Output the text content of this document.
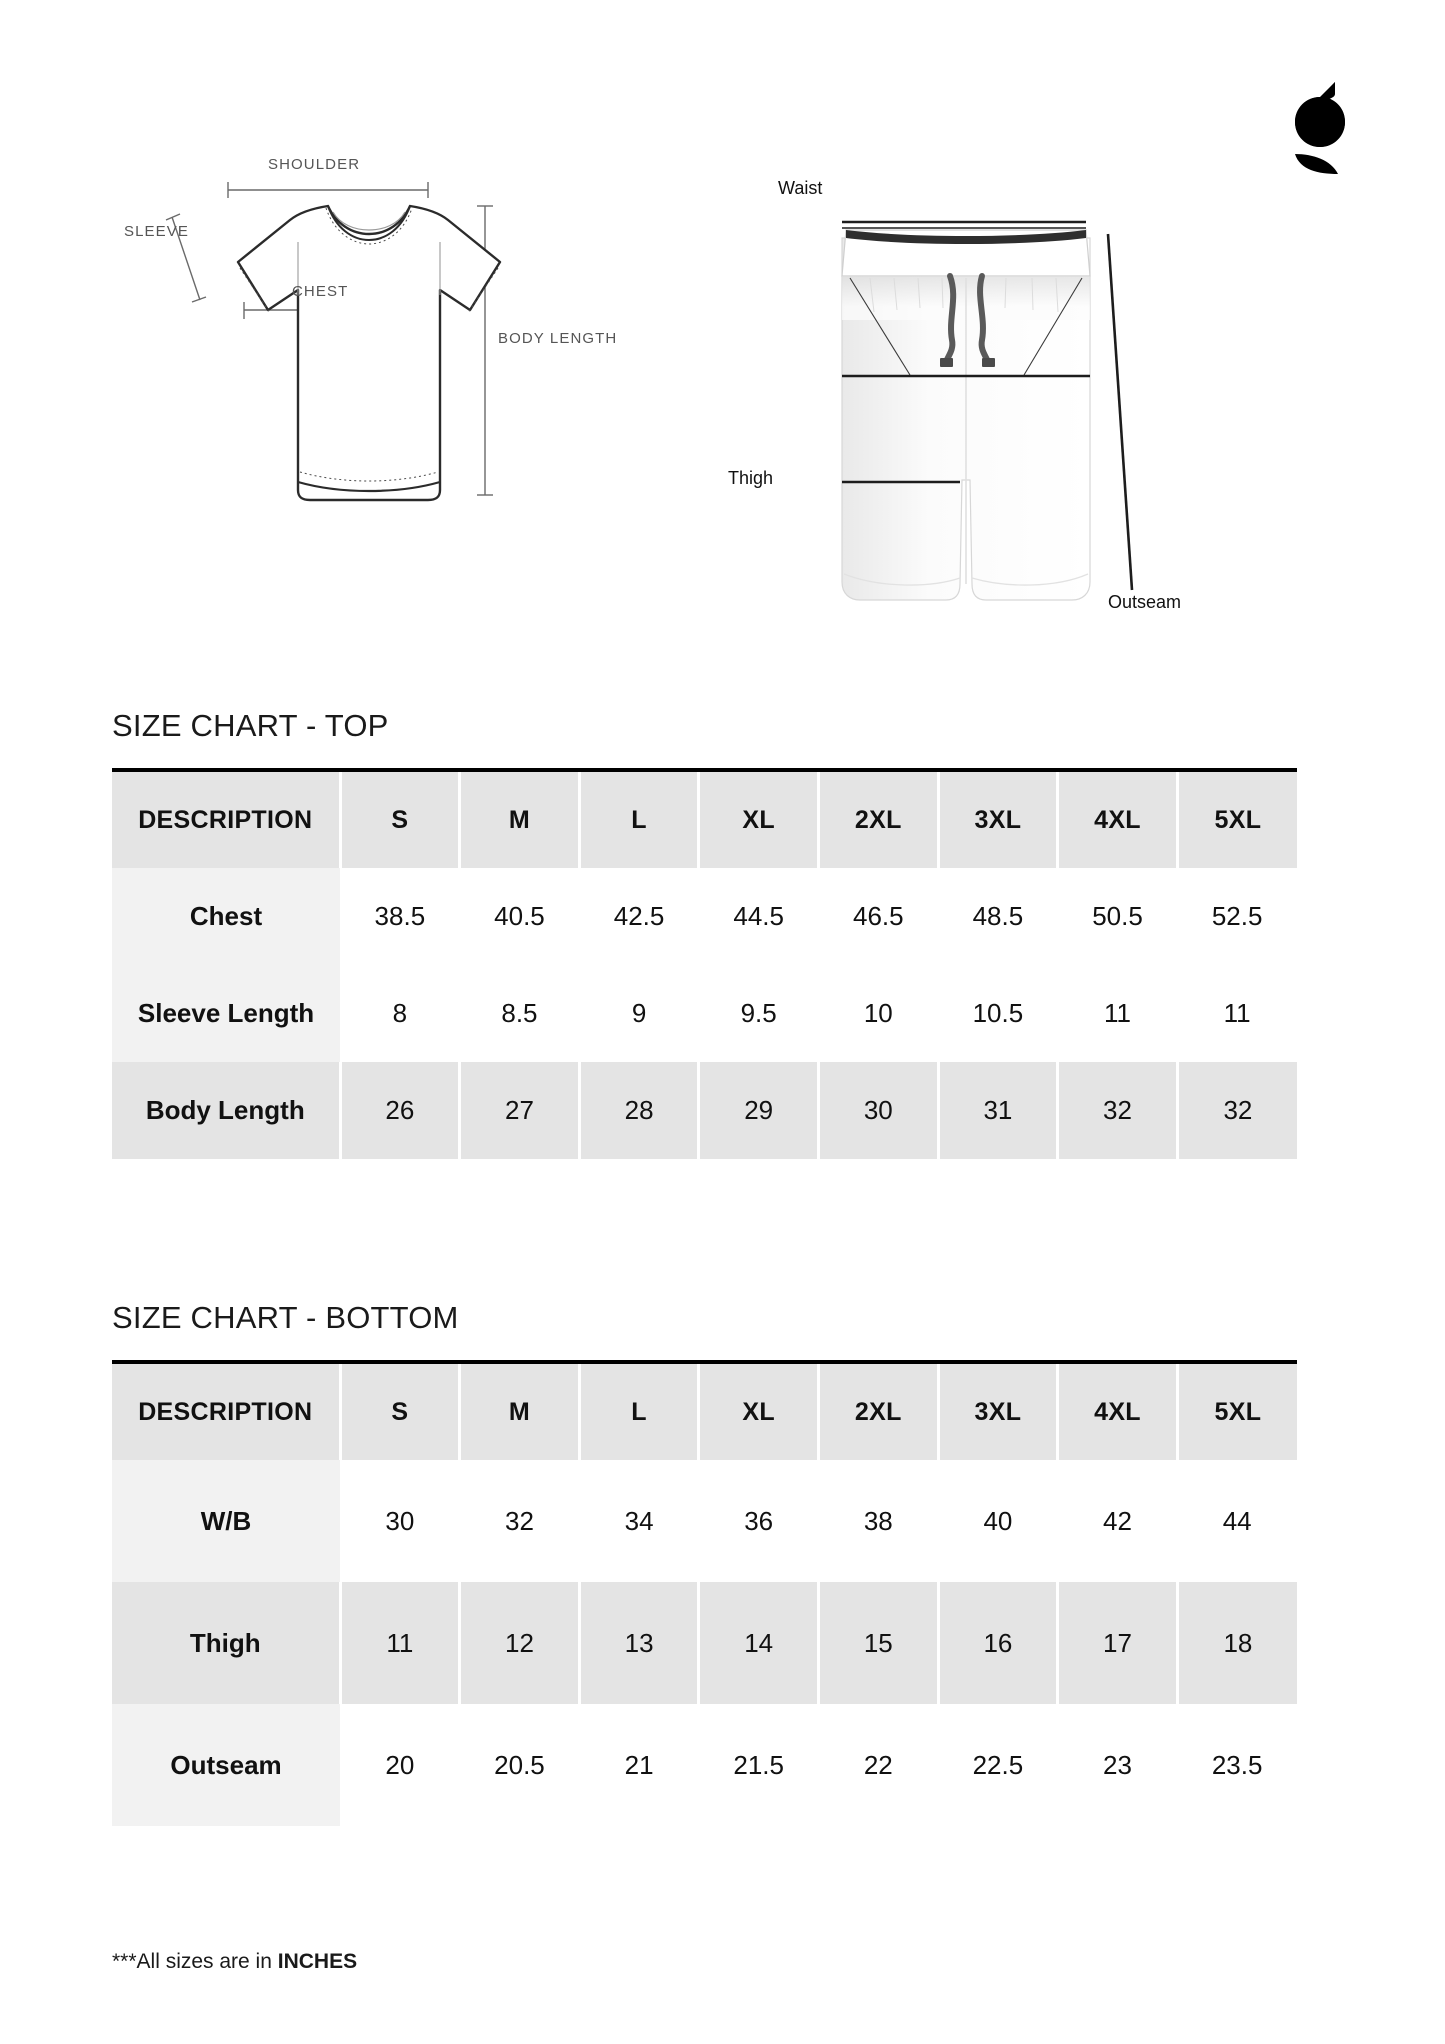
SHOULDER
SLEEVE
CHEST
BODY LENGTH
Waist
Thigh
Outseam
SIZE CHART - TOP
DESCRIPTION	S	M	L	XL	2XL	3XL	4XL	5XL
Chest	38.5	40.5	42.5	44.5	46.5	48.5	50.5	52.5
Sleeve Length	8	8.5	9	9.5	10	10.5	11	11
Body Length	26	27	28	29	30	31	32	32
SIZE CHART - BOTTOM
DESCRIPTION	S	M	L	XL	2XL	3XL	4XL	5XL
W/B	30	32	34	36	38	40	42	44
Thigh	11	12	13	14	15	16	17	18
Outseam	20	20.5	21	21.5	22	22.5	23	23.5
***All sizes are in INCHES
